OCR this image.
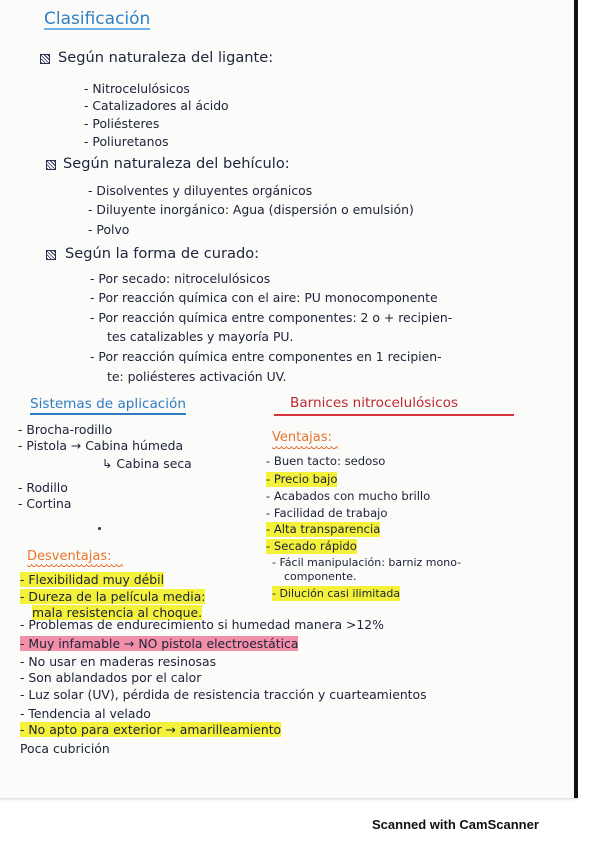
Clasificación
Según naturaleza del ligante:
- Nitrocelulósicos
- Catalizadores al ácido
- Poliésteres
- Poliuretanos
Según naturaleza del behículo:
- Disolventes y diluyentes orgánicos
- Diluyente inorgánico: Agua (dispersión o emulsión)
- Polvo
Según la forma de curado:
- Por secado: nitrocelulósicos
- Por reacción química con el aire: PU monocomponente
- Por reacción química entre componentes: 2 o + recipien-
tes catalizables y mayoría PU.
- Por reacción química entre componentes en 1 recipien-
te: poliésteres activación UV.
Sistemas de aplicación
- Brocha-rodillo
- Pistola → Cabina húmeda
↳ Cabina seca
- Rodillo
- Cortina
Barnices nitrocelulósicos
Ventajas:
- Buen tacto: sedoso
- Precio bajo
- Acabados con mucho brillo
- Facilidad de trabajo
- Alta transparencia
- Secado rápido
- Fácil manipulación: barniz mono-
componente.
- Dilución casi ilimitada
Desventajas:
- Flexibilidad muy débil
- Dureza de la película media:
mala resistencia al choque.
- Problemas de endurecimiento si humedad manera >12%
- Muy infamable → NO pistola electroestática
- No usar en maderas resinosas
- Son ablandados por el calor
- Luz solar (UV), pérdida de resistencia tracción y cuarteamientos
- Tendencia al velado
- No apto para exterior → amarilleamiento
Poca cubrición
Scanned with CamScanner
